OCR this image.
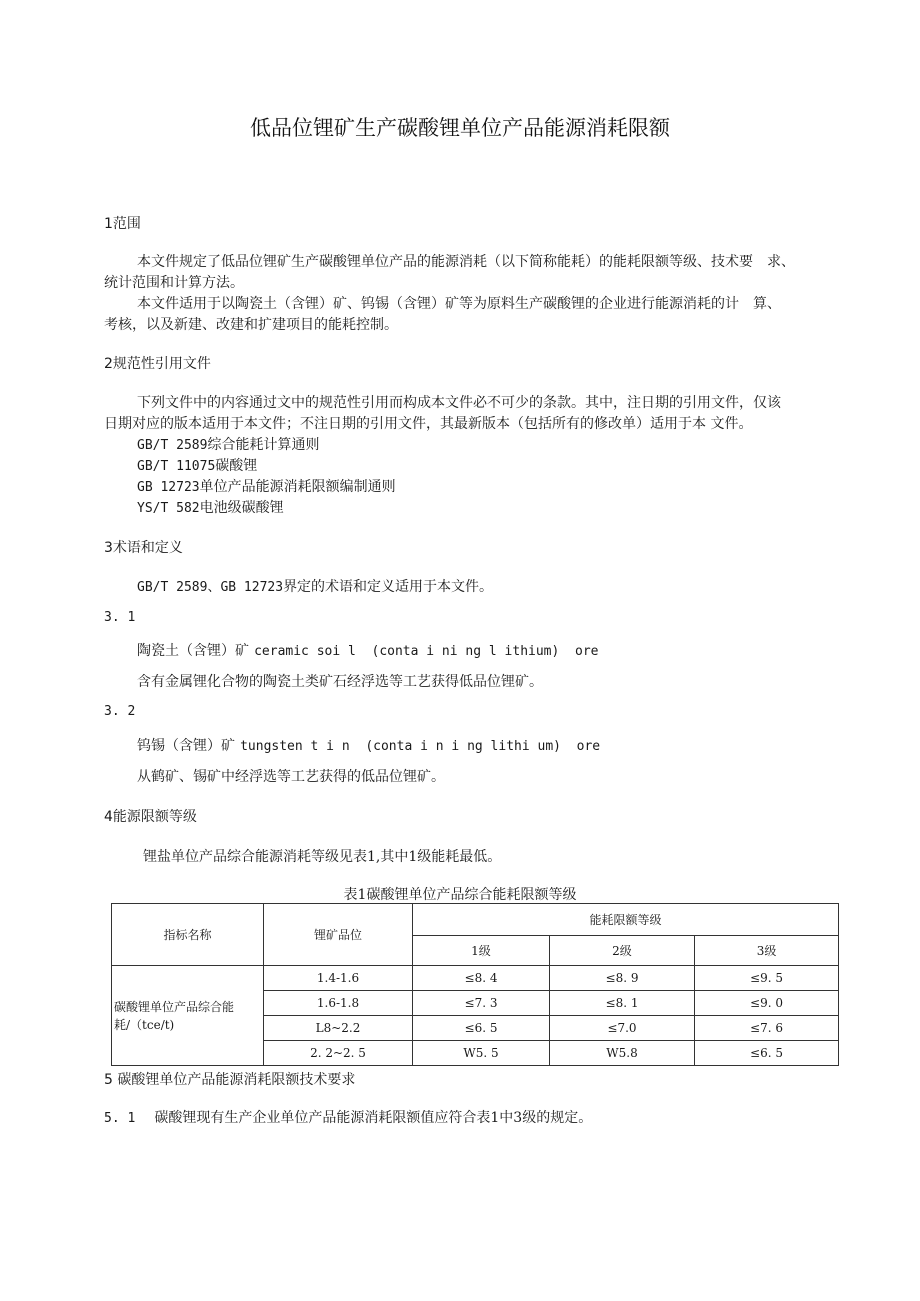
低品位锂矿生产碳酸锂单位产品能源消耗限额
1范围
本文件规定了低品位锂矿生产碳酸锂单位产品的能源消耗（以下简称能耗）的能耗限额等级、技术要　求、
统计范围和计算方法。
本文件适用于以陶瓷土（含锂）矿、钨锡（含锂）矿等为原料生产碳酸锂的企业进行能源消耗的计　算、
考核，以及新建、改建和扩建项目的能耗控制。
2规范性引用文件
下列文件中的内容通过文中的规范性引用而构成本文件必不可少的条款。其中，注日期的引用文件，仅该
日期对应的版本适用于本文件；不注日期的引用文件，其最新版本（包括所有的修改单）适用于本 文件。
GB/T 2589综合能耗计算通则
GB/T 11075碳酸锂
GB 12723单位产品能源消耗限额编制通则
YS/T 582电池级碳酸锂
3术语和定义
GB/T 2589、GB 12723界定的术语和定义适用于本文件。
3. 1
陶瓷土（含锂）矿 ceramic soi l  (conta i ni ng l ithium)  ore
含有金属锂化合物的陶瓷土类矿石经浮选等工艺获得低品位锂矿。
3. 2
钨锡（含锂）矿 tungsten t i n  (conta i n i ng lithi um)  ore
从鹤矿、锡矿中经浮选等工艺获得的低品位锂矿。
4能源限额等级
锂盐单位产品综合能源消耗等级见表1,其中1级能耗最低。
表1碳酸锂单位产品综合能耗限额等级
指标名称	锂矿品位	能耗限额等级		
		1级	2级	3级
碳酸锂单位产品综合能
耗/（tce/t)	1.4-1.6	≤8. 4	≤8. 9	≤9. 5
	1.6-1.8	≤7. 3	≤8. 1	≤9. 0
	L8~2.2	≤6. 5	≤7.0	≤7. 6
	2. 2~2. 5	W5. 5	W5.8	≤6. 5
5 碳酸锂单位产品能源消耗限额技术要求
5. 1 碳酸锂现有生产企业单位产品能源消耗限额值应符合表1中3级的规定。
